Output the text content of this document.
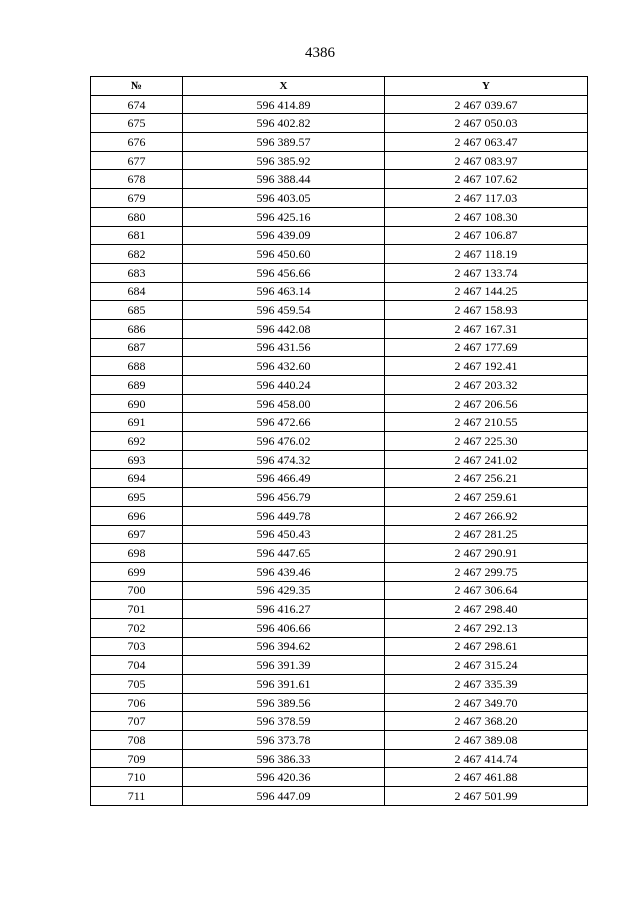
4386
№	X	Y
674	596 414.89	2 467 039.67
675	596 402.82	2 467 050.03
676	596 389.57	2 467 063.47
677	596 385.92	2 467 083.97
678	596 388.44	2 467 107.62
679	596 403.05	2 467 117.03
680	596 425.16	2 467 108.30
681	596 439.09	2 467 106.87
682	596 450.60	2 467 118.19
683	596 456.66	2 467 133.74
684	596 463.14	2 467 144.25
685	596 459.54	2 467 158.93
686	596 442.08	2 467 167.31
687	596 431.56	2 467 177.69
688	596 432.60	2 467 192.41
689	596 440.24	2 467 203.32
690	596 458.00	2 467 206.56
691	596 472.66	2 467 210.55
692	596 476.02	2 467 225.30
693	596 474.32	2 467 241.02
694	596 466.49	2 467 256.21
695	596 456.79	2 467 259.61
696	596 449.78	2 467 266.92
697	596 450.43	2 467 281.25
698	596 447.65	2 467 290.91
699	596 439.46	2 467 299.75
700	596 429.35	2 467 306.64
701	596 416.27	2 467 298.40
702	596 406.66	2 467 292.13
703	596 394.62	2 467 298.61
704	596 391.39	2 467 315.24
705	596 391.61	2 467 335.39
706	596 389.56	2 467 349.70
707	596 378.59	2 467 368.20
708	596 373.78	2 467 389.08
709	596 386.33	2 467 414.74
710	596 420.36	2 467 461.88
711	596 447.09	2 467 501.99
